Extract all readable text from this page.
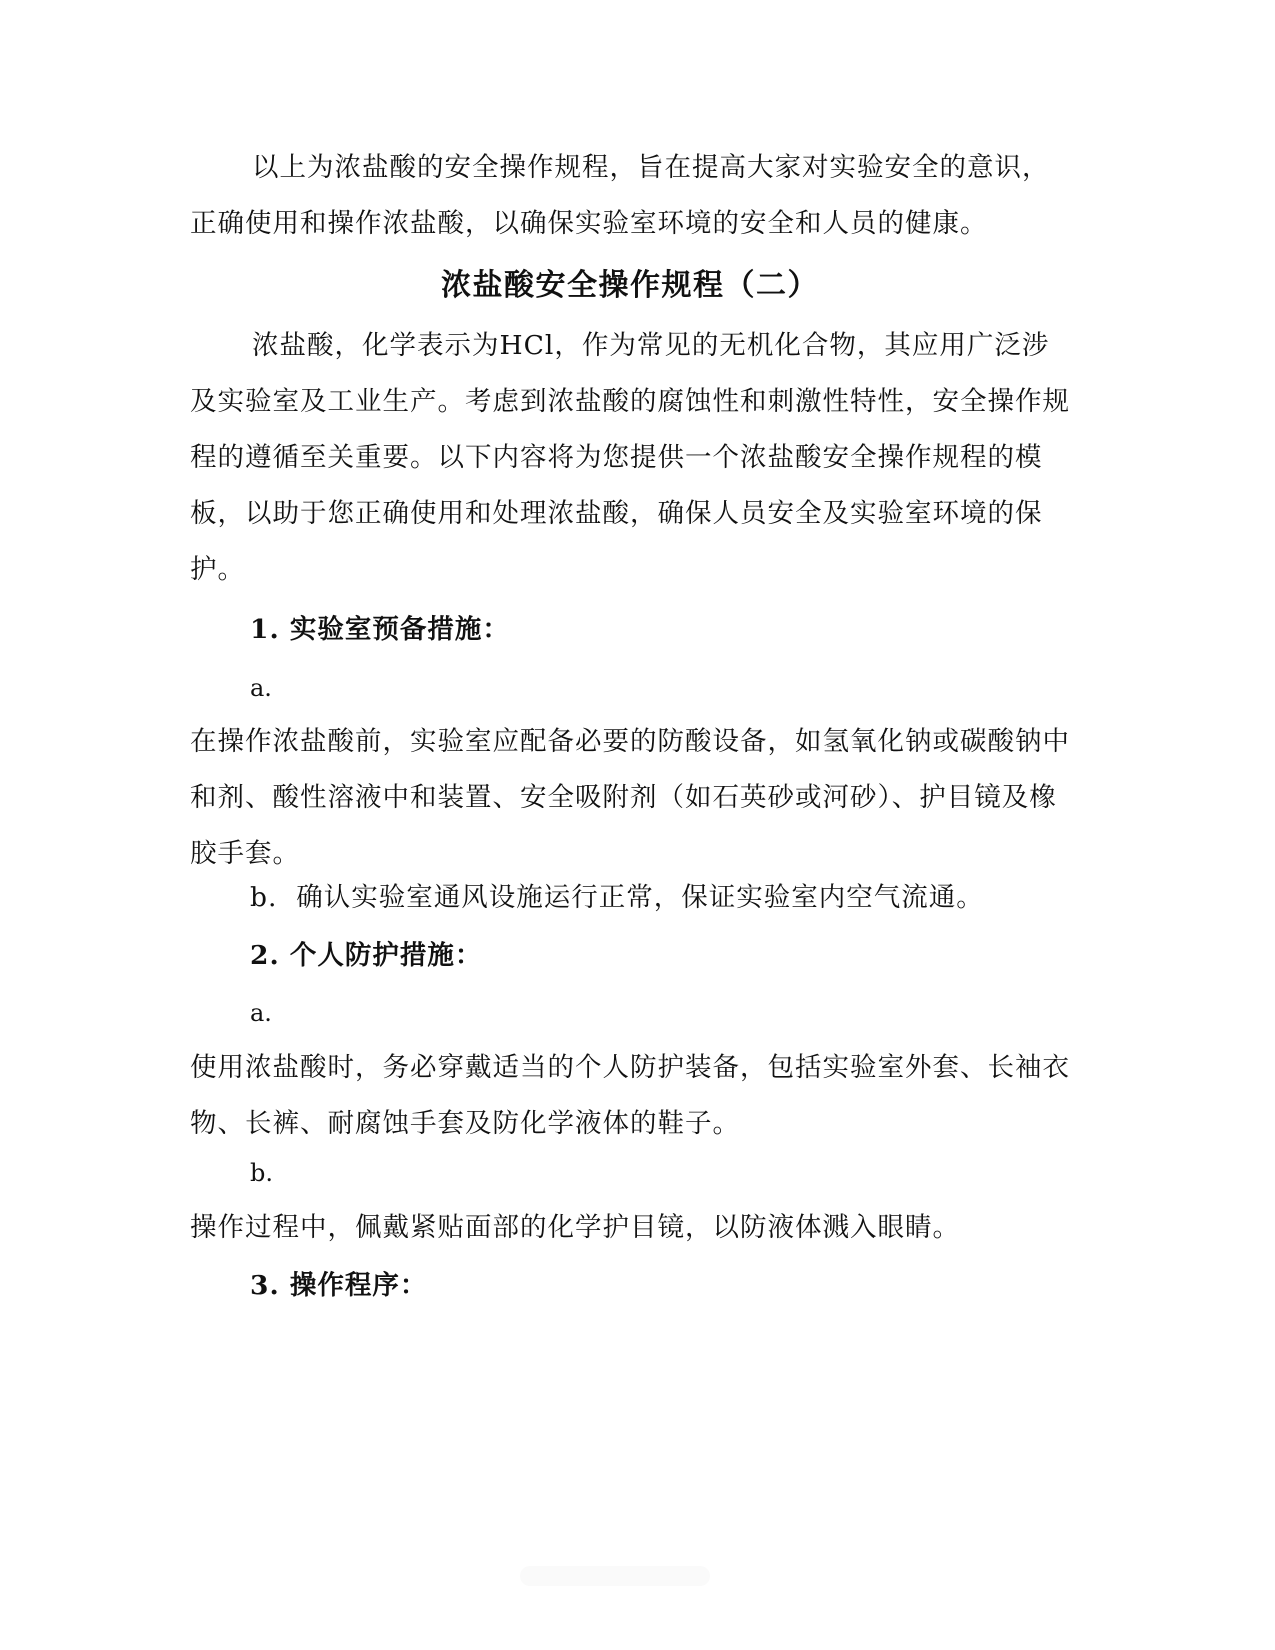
以上为浓盐酸的安全操作规程，旨在提高大家对实验安全的意识，正确使用和操作浓盐酸，以确保实验室环境的安全和人员的健康。

浓盐酸安全操作规程（二）

浓盐酸，化学表示为HCl，作为常见的无机化合物，其应用广泛涉及实验室及工业生产。考虑到浓盐酸的腐蚀性和刺激性特性，安全操作规程的遵循至关重要。以下内容将为您提供一个浓盐酸安全操作规程的模板，以助于您正确使用和处理浓盐酸，确保人员安全及实验室环境的保护。

1. 实验室预备措施：
a.

在操作浓盐酸前，实验室应配备必要的防酸设备，如氢氧化钠或碳酸钠中和剂、酸性溶液中和装置、安全吸附剂（如石英砂或河砂）、护目镜及橡胶手套。

b. 确认实验室通风设施运行正常，保证实验室内空气流通。

2. 个人防护措施：
a.

使用浓盐酸时，务必穿戴适当的个人防护装备，包括实验室外套、长袖衣物、长裤、耐腐蚀手套及防化学液体的鞋子。

b.

操作过程中，佩戴紧贴面部的化学护目镜，以防液体溅入眼睛。

3. 操作程序：
